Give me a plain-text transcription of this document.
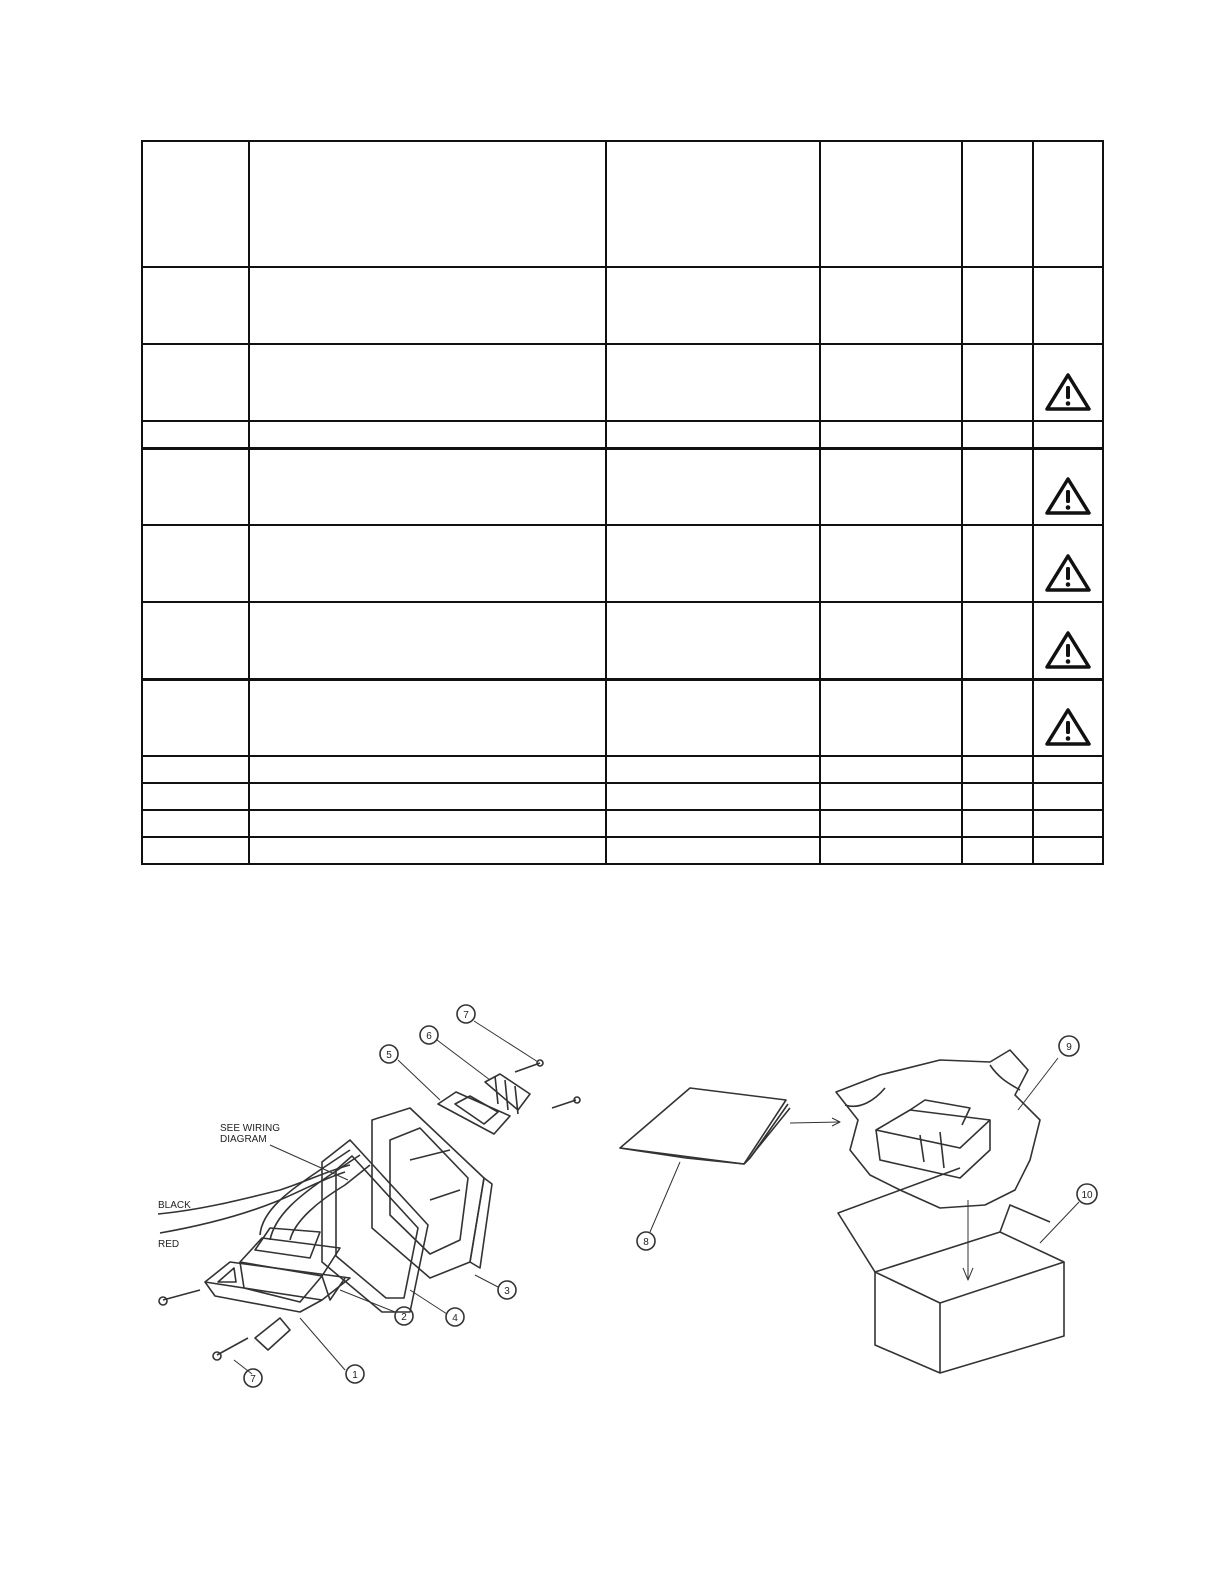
1
2
3
4
5
6
7
7
8
9
10
SEE WIRING
DIAGRAM
BLACK
RED
